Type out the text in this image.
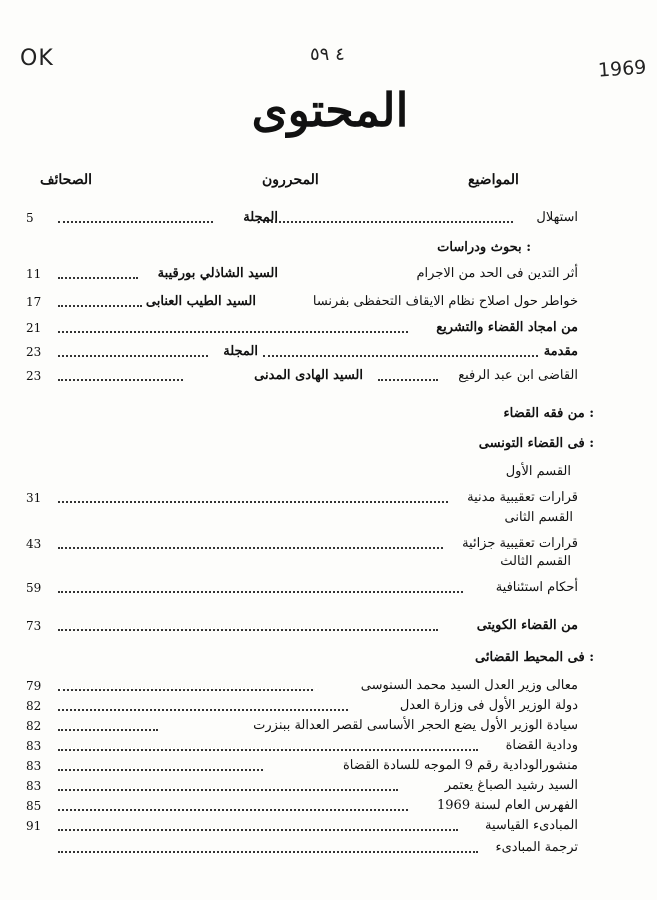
OK	1969
٤ ٥٩
المحتوى
المواضيع
المحررون
الصحائف
استهلال
المجلة
5
بحوث ودراسات :
أثر التدين فى الحد من الاجرام
السيد الشاذلي بورقيبة
11
خواطر حول اصلاح نظام الايقاف التحفظى بفرنسا
السيد الطيب العنابى
17
من امجاد القضاء والتشريع
21
مقدمة
المجلة
23
القاضى ابن عبد الرفيع
السيد الهادى المدنى
23
من فقه القضاء :
فى القضاء التونسى :
القسم الأول
قرارات تعقيبية مدنية
31
القسم الثانى
قرارات تعقيبية جزائية
43
القسم الثالث
أحكام استئنافية
59
من القضاء الكويتى
73
فى المحيط القضائى :
معالى وزير العدل السيد محمد السنوسى
79
دولة الوزير الأول فى وزارة العدل
82
سيادة الوزير الأول يضع الحجر الأساسى لقصر العدالة ببنزرت
82
ودادية القضاة
83
منشورالودادية رقم 9 الموجه للسادة القضاة
83
السيد رشيد الصباغ يعتمر
83
الفهرس العام لسنة 1969
85
المبادىء القياسية
91
ترجمة المبادىء
